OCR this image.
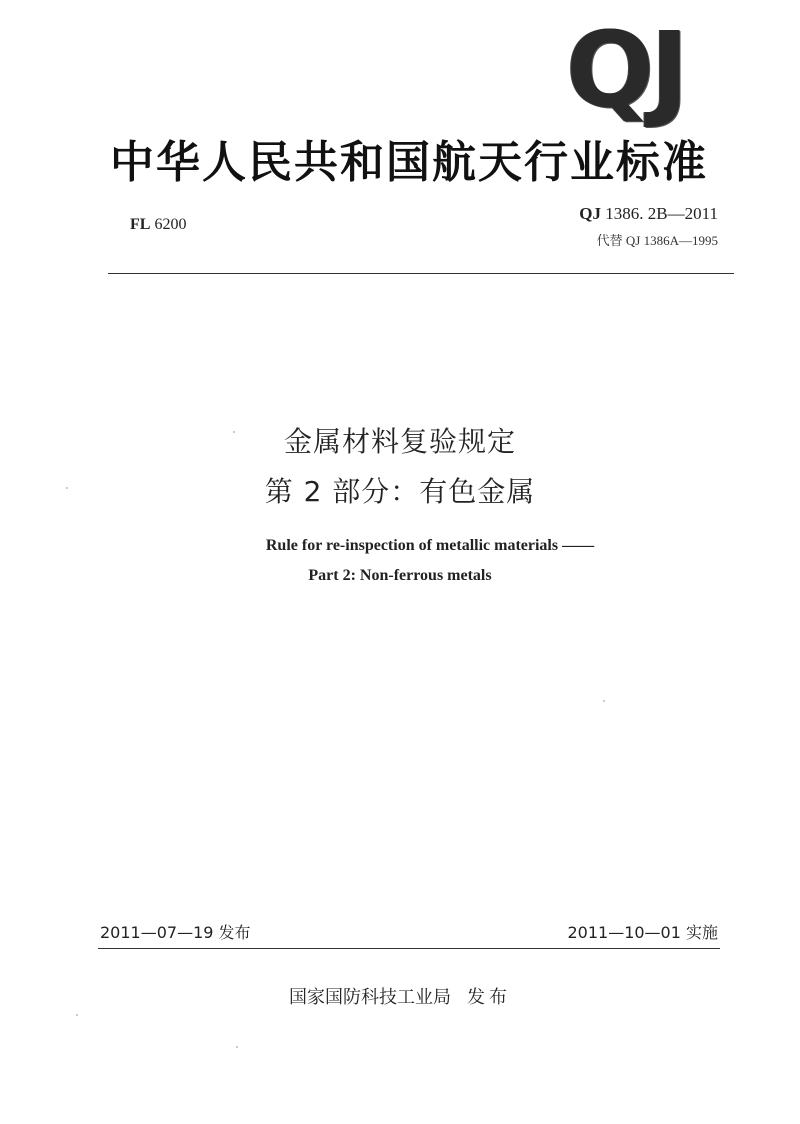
QJ
中华人民共和国航天行业标准
FL 6200
QJ 1386. 2B—2011
代替 QJ 1386A—1995
金属材料复验规定
第 2 部分：有色金属
Rule for re-inspection of metallic materials ——
Part 2: Non-ferrous metals
2011—07—19 发布	2011—10—01 实施
国家国防科技工业局 发布
